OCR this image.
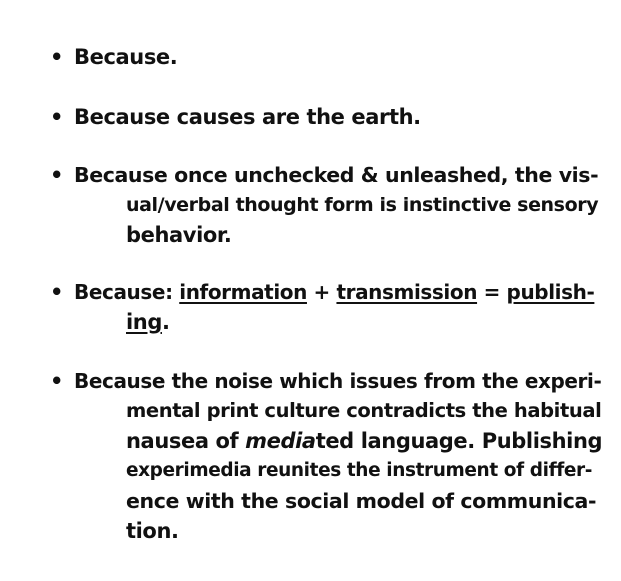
• Because.
• Because causes are the earth.
• Because once unchecked & unleashed, the vis-
ual/verbal thought form is instinctive sensory
behavior.
• Because: information + transmission = publish-
ing.
• Because the noise which issues from the experi-
mental print culture contradicts the habitual
nausea of mediated language. Publishing
experimedia reunites the instrument of differ-
ence with the social model of communica-
tion.
